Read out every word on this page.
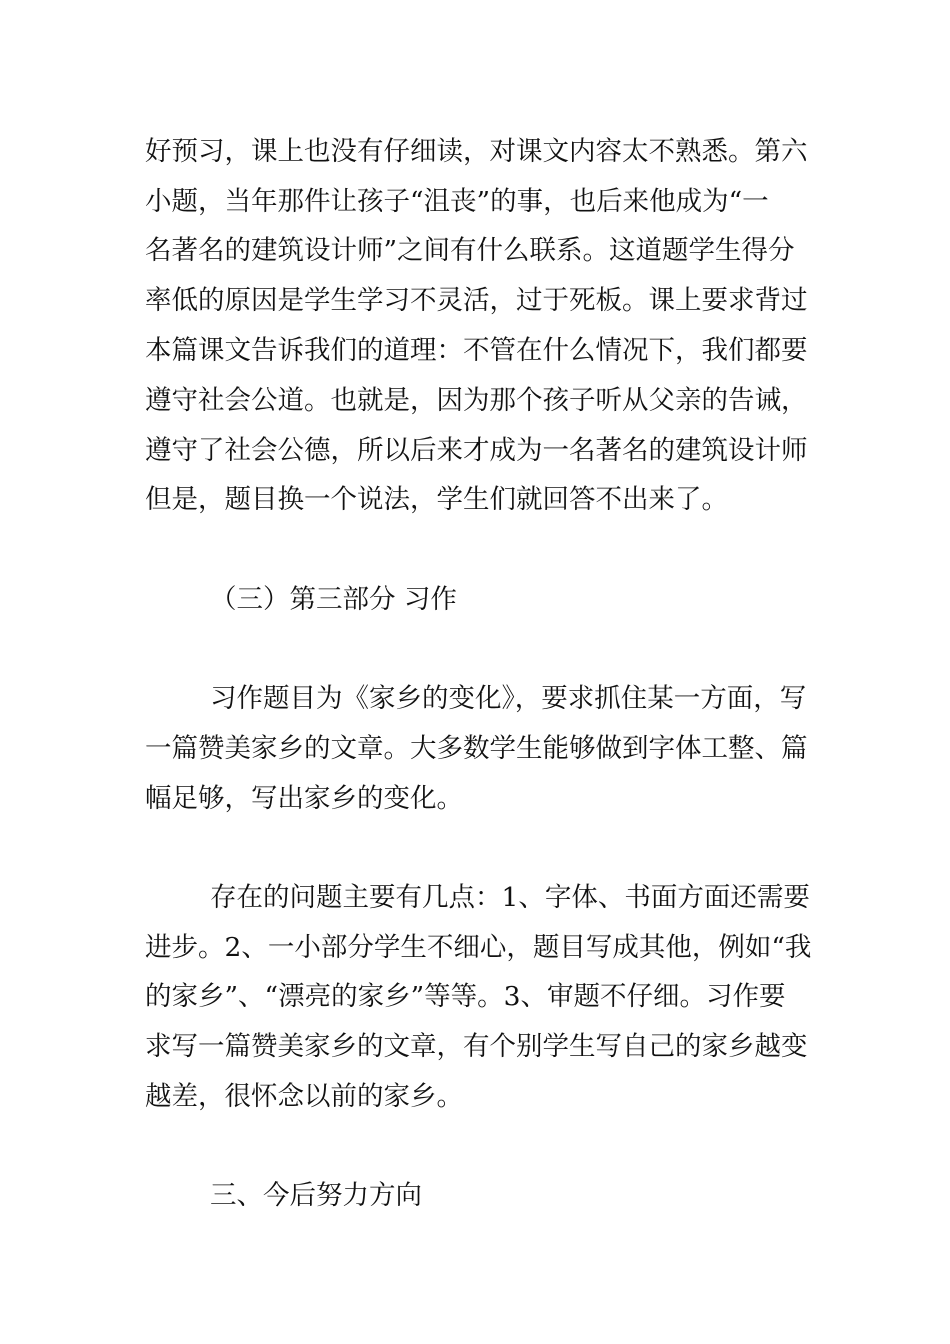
好预习，课上也没有仔细读，对课文内容太不熟悉。第六
小题，当年那件让孩子“沮丧”的事，也后来他成为“一
名著名的建筑设计师”之间有什么联系。这道题学生得分
率低的原因是学生学习不灵活，过于死板。课上要求背过
本篇课文告诉我们的道理：不管在什么情况下，我们都要
遵守社会公道。也就是，因为那个孩子听从父亲的告诫，
遵守了社会公德，所以后来才成为一名著名的建筑设计师
但是，题目换一个说法，学生们就回答不出来了。
（三）第三部分 习作
习作题目为《家乡的变化》，要求抓住某一方面，写
一篇赞美家乡的文章。大多数学生能够做到字体工整、篇
幅足够，写出家乡的变化。
存在的问题主要有几点：1、字体、书面方面还需要
进步。2、一小部分学生不细心，题目写成其他，例如“我
的家乡”、“漂亮的家乡”等等。3、审题不仔细。习作要
求写一篇赞美家乡的文章，有个别学生写自己的家乡越变
越差，很怀念以前的家乡。
三、今后努力方向
